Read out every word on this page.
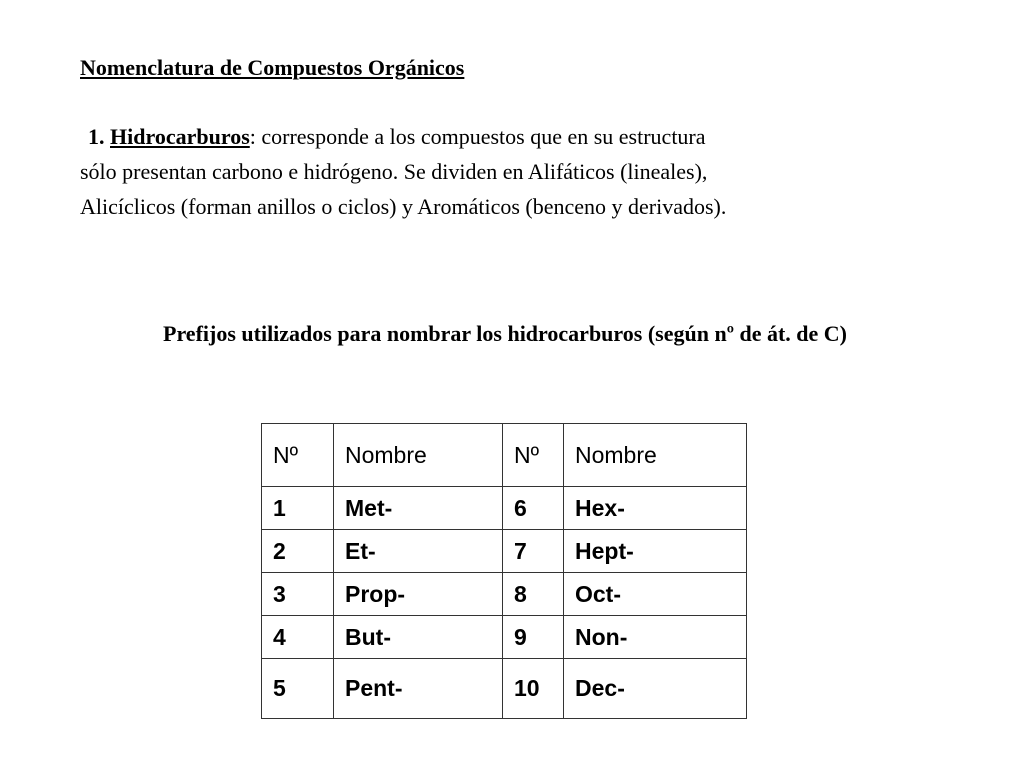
Nomenclatura de Compuestos Orgánicos
1. Hidrocarburos: corresponde a los compuestos que en su estructura
sólo presentan carbono e hidrógeno. Se dividen en Alifáticos (lineales),
Alicíclicos (forman anillos o ciclos) y Aromáticos (benceno y derivados).
Prefijos utilizados para nombrar los hidrocarburos (según nº de át. de C)
Nº	Nombre	Nº	Nombre
1	Met-	6	Hex-
2	Et-	7	Hept-
3	Prop-	8	Oct-
4	But-	9	Non-
5	Pent-	10	Dec-
